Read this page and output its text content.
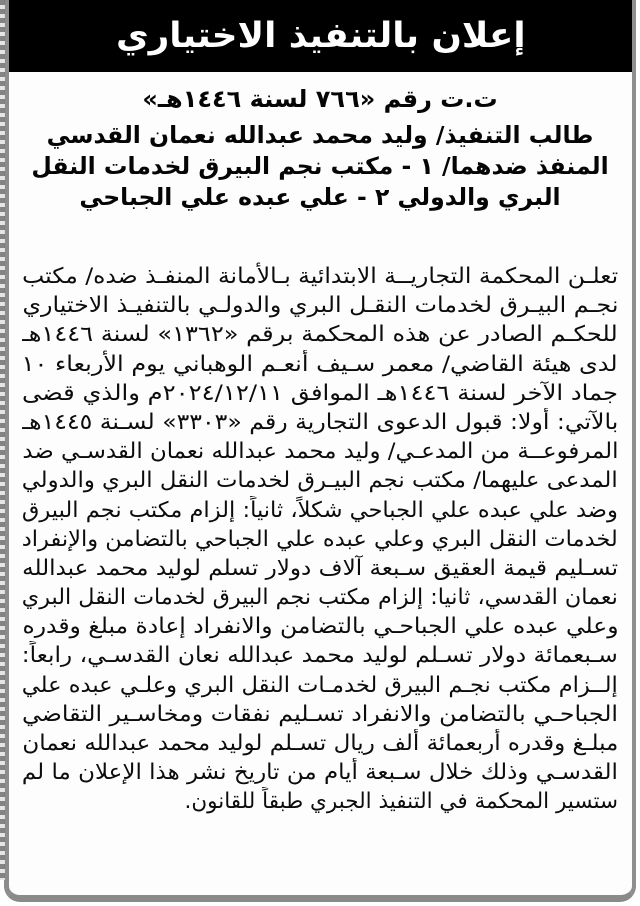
إعلان بالتنفيذ الاختياري
ت.ت رقم «٧٦٦ لسنة ١٤٤٦هـ»
طالب التنفيذ/ وليد محمد عبدالله نعمان القدسي
المنفذ ضدهما/ ١ - مكتب نجم البيرق لخدمات النقل
البري والدولي ٢ - علي عبده علي الجباحي
تعلـن المحكمة التجاريــة الابتدائية بـالأمانة المنفـذ ضده/ مكتب
نجـم البيـرق لخدمات النقـل البري والدولـي بالتنفيـذ الاختياري
للحكـم الصادر عن هذه المحكمة برقم «١٣٦٢» لسنة ١٤٤٦هـ
لدى هيئة القاضي/ معمر سـيف أنعـم الوهباني يوم الأربعاء ١٠
جماد الآخر لسنة ١٤٤٦هـ الموافق ٢٠٢٤/١٢/١١م والذي قضى
بالآتي: أولا: قبول الدعوى التجارية رقم «٣٣٠٣» لسـنة ١٤٤٥هـ
المرفوعــة من المدعـي/ وليد محمد عبدالله نعمان القدسـي ضد
المدعى عليهما/ مكتب نجم البيـرق لخدمات النقل البري والدولي
وضد علي عبده علي الجباحي شكلاً، ثانياً: إلزام مكتب نجم البيرق
لخدمات النقل البري وعلي عبده علي الجباحي بالتضامن والإنفراد
تسـليم قيمة العقيق سـبعة آلاف دولار تسلم لوليد محمد عبدالله
نعمان القدسي، ثانيا: إلزام مكتب نجم البيرق لخدمات النقل البري
وعلي عبده علي الجباحـي بالتضامن والانفراد إعادة مبلغ وقدره
سـبعمائة دولار تسـلم لوليد محمد عبدالله نعان القدسـي، رابعاً:
إلــزام مكتب نجـم البيرق لخدمـات النقل البري وعلـي عبده علي
الجباحـي بالتضامن والانفراد تسـليم نفقات ومخاسـير التقاضي
مبلـغ وقدره أربعمائة ألف ريال تسـلم لوليد محمد عبدالله نعمان
القدسـي وذلك خلال سـبعة أيام من تاريخ نشر هذا الإعلان ما لم
ستسير المحكمة في التنفيذ الجبري طبقاً للقانون.
